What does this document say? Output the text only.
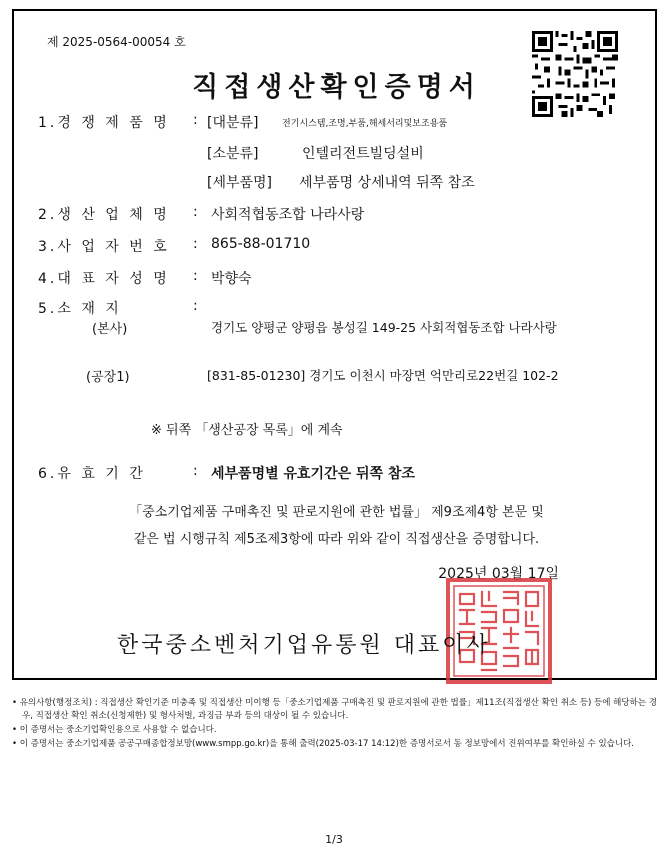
제 2025-0564-00054 호
직접생산확인증명서
1.경 쟁 제 품 명 : [대분류]	전기시스템,조명,부품,해세서리및보조용품
[소분류]	인텔리전트빌딩설비
[세부품명] 세부품명 상세내역 뒤쪽 참조
2.생 산 업 체 명 : 사회적협동조합 나라사랑
3.사 업 자 번 호 : 865-88-01710
4.대 표 자 성 명 : 박향숙
5.소 재 지	:
(본사)	경기도 양평군 양평읍 봉성길 149-25 사회적협동조합 나라사랑
(공장1)	[831-85-01230] 경기도 이천시 마장면 억만리로22번길 102-2
※ 뒤쪽 「생산공장 목록」에 계속
6.유 효 기 간	: 세부품명별 유효기간은 뒤쪽 참조
「중소기업제품 구매촉진 및 판로지원에 관한 법률」 제9조제4항 본문 및
같은 법 시행규칙 제5조제3항에 따라 위와 같이 직접생산을 증명합니다.
2025년 03월 17일
한국중소벤처기업유통원 대표이사
• 유의사항(행정조치) : 직접생산 확인기준 미충족 및 직접생산 미이행 등「중소기업제품 구매촉진 및 판로지원에 관한 법률」제11조(직접생산 확인 취소 등) 등에 해당하는 경우, 직접생산 확인 취소(신청제한) 및 형사처벌, 과징금 부과 등의 대상이 될 수 있습니다.
• 이 증명서는 중소기업확인용으로 사용할 수 없습니다.
• 이 증명서는 중소기업제품 공공구매종합정보망(www.smpp.go.kr)을 통해 출력(2025-03-17 14:12)한 증명서로서 동 정보망에서 진위여부를 확인하실 수 있습니다.
1/3
